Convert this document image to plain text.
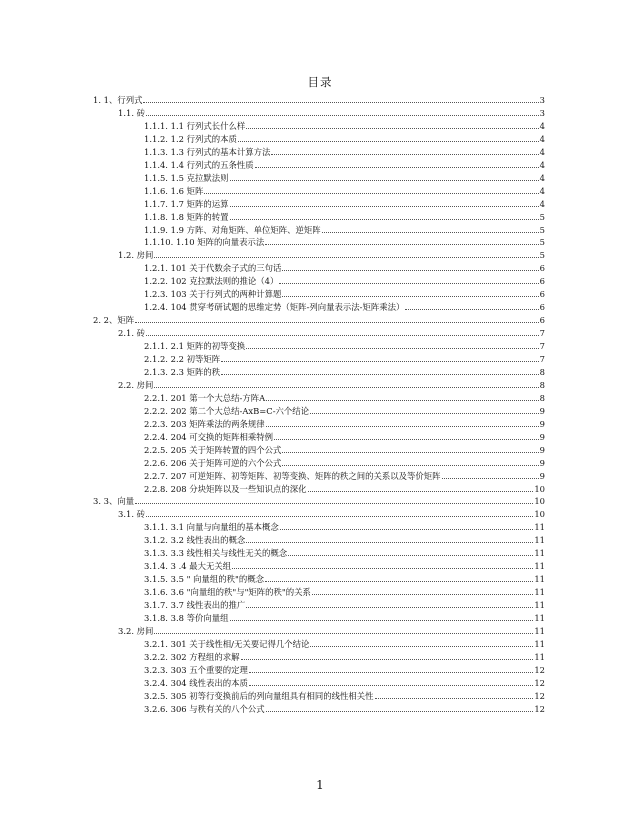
目录
1. 1、行列式	3
1.1. 砖	3
1.1.1. 1.1 行列式长什么样	4
1.1.2. 1.2 行列式的本质	4
1.1.3. 1.3 行列式的基本计算方法	4
1.1.4. 1.4 行列式的五条性质	4
1.1.5. 1.5 克拉默法则	4
1.1.6. 1.6 矩阵	4
1.1.7. 1.7 矩阵的运算	4
1.1.8. 1.8 矩阵的转置	5
1.1.9. 1.9 方阵、对角矩阵、单位矩阵、逆矩阵	5
1.1.10. 1.10 矩阵的向量表示法	5
1.2. 房间	5
1.2.1. 101 关于代数余子式的三句话	6
1.2.2. 102 克拉默法则的推论（4）	6
1.2.3. 103 关于行列式的两种计算题	6
1.2.4. 104 贯穿考研试题的思维定势（矩阵-列向量表示法-矩阵乘法）	6
2. 2、矩阵	6
2.1. 砖	7
2.1.1. 2.1 矩阵的初等变换	7
2.1.2. 2.2 初等矩阵	7
2.1.3. 2.3 矩阵的秩	8
2.2. 房间	8
2.2.1. 201 第一个大总结-方阵A	8
2.2.2. 202 第二个大总结-AxB=C-六个结论	9
2.2.3. 203 矩阵乘法的两条规律	9
2.2.4. 204 可交换的矩阵相乘特例	9
2.2.5. 205 关于矩阵转置的四个公式	9
2.2.6. 206 关于矩阵可逆的六个公式	9
2.2.7. 207 可逆矩阵、初等矩阵、初等变换、矩阵的秩之间的关系以及等价矩阵	9
2.2.8. 208 分块矩阵以及一些知识点的深化	10
3. 3、向量	10
3.1. 砖	10
3.1.1. 3.1 向量与向量组的基本概念	11
3.1.2. 3.2 线性表出的概念	11
3.1.3. 3.3 线性相关与线性无关的概念	11
3.1.4. 3 .4 最大无关组	11
3.1.5. 3.5 " 向量组的秩"的概念	11
3.1.6. 3.6 "向量组的秩"与"矩阵的秩"的关系	11
3.1.7. 3.7 线性表出的推广	11
3.1.8. 3.8 等价向量组	11
3.2. 房间	11
3.2.1. 301 关于线性相/无关要记得几个结论	11
3.2.2. 302 方程组的求解	11
3.2.3. 303 五个重要的定理	12
3.2.4. 304 线性表出的本质	12
3.2.5. 305 初等行变换前后的列向量组具有相同的线性相关性	12
3.2.6. 306 与秩有关的八个公式	12
1
